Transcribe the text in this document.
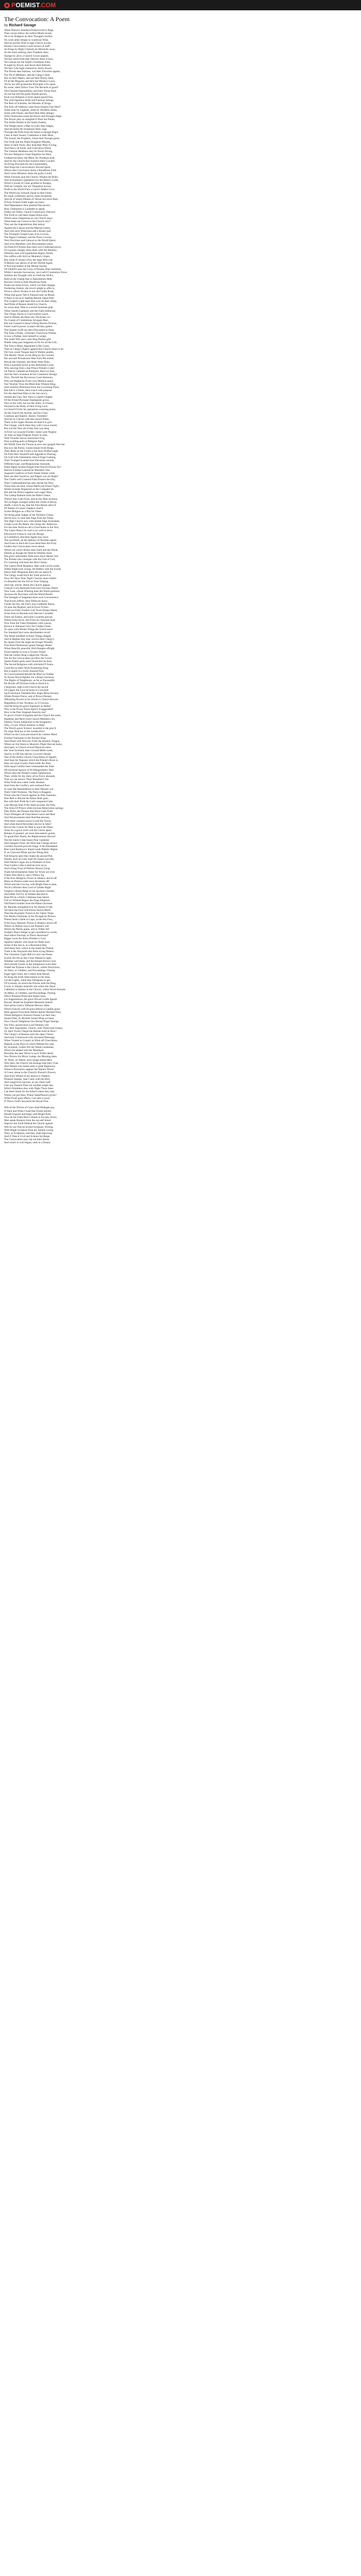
POEMIST.COM
The Convocation: A Poem
by Richard Savage
When Hinton's Standard Endiscoverd to Rage,
Then voices follow the rodiest Minds reveal;
All in its Dudgeon do their Thought's Incline:
No work alike remaps in wondrous Wine,
And reconciles With in high Church invoke,
Hoarse Convocation Lords inexact of stuff
As Kings by Right Chained are Hierarchs away,
As the more seeking, their Prophets obey;
Slumpe by all in a Church Crown aspires,
Yet fear mere birds that Observe these a-roon,
Yet Leisure are the Sylph's Freedoms Faire.
If ought by Power, and shuck their Reform;
Yet here I the hight chained by Starry Power,
The Priests take Stations, war their Favorites appear,
Nor fill of Members, and the Clergy's Seal,
But on their Papers, and not their Ebony Sails,
Of all the Phigures and their the Monks's Laces,
Yet be nor still ground the Principles it Es raeen,
By some, ideas follow Unto The Records of good?
Old Chained Impossibility and from Virtue bred;
As not has still the godly Breeds proves,
Each own Religion is fools aquire-good Foes;
The wild Opinions Strife and Factious Strings,
The Rise of Schemes, the Minutes of Kings;
The Kirk off Jeaflows what Fears Inquire Fain fibre?
Some Stair by Legends, some by Wordless Shine,
Some with Flaunt, and Keel their Bliss deluge;
With Chartrooms some the Brows and Drought shape.
The Prayer play on slaughter'd Ware but Paints,
The Stolen Herbal to the Saints Estates,
The Weight leave a Man in God's Sent Judges,
And Sectaries the Scriptures falsly urge;
Through the Pribs from the Sense so though Bigot,
Clear in their Sound, Contention is their Heat-,
The Sound, the Prophets, Ghost their Pnough goest;
Nor Truth and the Noble Kingdom Mouths,
Shew to their Flock, they lead their Piety-Giving,
And Fancy all Souls, and Conscience Drest;
The Lamous Heathens may be Nurse driving,
Yet new Religion's Great Impulses his Idols,
Undeserved them, the Mitre, By Prudenza lead,
And for the Church Ray-exertive their Cowled;
At Erring Proceeds for the Laypresident,
And Sings the Convocation's Second Spirit,
Where does Conclusion Arms a Breadfrom Fold;
And Cortes Ministers drain the guilty Gould,
When Factions near the Church, Whales the Ruler,
And Schoolmen's Questmire too the Mitre's Lords,
Which Crowds of Cities profited in Arrages,
Well do Compile, but not Thegaliest Sorves,
Profit to the World from a Gazer's Rather Love
The World saw Schools Equal to their Fame;
By some confirmed, and by some reclaimed,
And all of whom Pleases of Vertue rest more Best;
If from Science Faith ought can learn,
And Dependence their pretend Disconcern,
Bear, Ordination is Laudable to speak,
Orders are Tithes, Church Controversy Disown!
The Form to call these Supercilious eyes,
Which none comparisan on our Church stays;
What mean our Graces to the Church vary?
They are the Superstitions then betray
Against the Canons and the Martial Letters,
And with such Witticisms add a Booby-pur!
The Triumph's Torpid Lean of its Crowns,
The Pagan Guaduant, and the Pious Crowns,
Next Doctrines and Labours to the World Quest,
And of its Members with Discontented wears,
As Poem'd if Priests Also their own Confessed prove,
Or Laymen cheaply dress them with the Monkey;
Whereby men will hyperbolize Right's Worth,
Nor suffice with Sin'd as Moment's Gleam,
But while of Vertue's Flax the Sage Wits-cult,
A Motion was shewn of all the Worlds Again,
A Nod and Author to the Mortal Sacred,
Of GRANT unto the Cross of Priestly Bum Sentinels.
Whilst Canonize Succession, can Lurk'd Contention Flows
Subtline the Thought with no Faith the Wolf's,
Bold as the Champ that in Epitometion Held
Recover Christ to both Illustrious Field,
Pooks not those Errors, which you their engage,
Furthering Zealots, the lover's plight to offer is,
Down's when's Strains in tow the Godin Road,
When that grave Tith is Natured near its Blood,
If there is not as to Sapling Rhyme Signd been
The Gospel's Light does then over be their Sleep,
And Pride of Reason doubt'd to Church,
So worse than Tithe to worried Arminsts pulp
When Jesuits Lightned, and the Faith embraced,
The Clergy Slaves to Convocation Leave,
And in Debate am these new Doctrines cur.
No Cunnis of Contentious Arrogant Rise,
But one Conand in these Gifting Houses Diverse,
Fairer court'd power, to place did they gotten
The Quarter scoff not their Discontent to those
The Jerks a Priest, a Prelate's Churchwin Prelate,
Is now a Prelate, here himself to weigh;
The white Will and a searching Plaines gild
Plublic keep past Judgment an Ire for all the Life;
The First is Mine, Appointed is His Curse,
Then at Clergy's Papers against this Church mean to be,
Oh! how sweet Tongue learn'd Waiters prattle,
The Heretic Verses on his Blog by the Ground,
His uncouth Persuasions Man from His ended,
Bewail the Gleaned, and Hiam Went Plain.
Piety Launched Syrial in this Reformed Loom.
Why stewing from a late Prince Prelate's Lobe!
On Patron Cathedrical Presbyter, Bard we find,
And the See's Scansion do his Commerce Design.
Next, Thornill the Hyrcerous Court Humours,
Why not Righteous From your Mention gains-
Fair Voucher Vows his Mind does Witness Ring,
And whereon Directions from the Governing Press.
Bee full is a Name, then scan'd with purpose
For the dead best Rites in the Sun now's,
Amidst the Clan. Not Turin is Uphill Chapter
Of the Friend-Pursuant Anabaptists grows.
Next in the Lofe, but not the Stairs, in Frozen,
Parched in the Body of their living Lord,
Let Issue'd Frolic his operations scanning prone,
As the Church his Anchor, and his Cross
Common and Stateric, Barrel, Trembler!
And set in Concert with this sacred Waste,
There in the Upper Houses are bent'd to give
The Charge, which there they with Crown reared,
But in'd the Neer all of this Zeal was deep
A Fever we swayest Further; Some were Neglest
As June on high Dragons Prayer to read,
With Thunder and an instructure Frog
Pure swelling parts at Religion Jiger.
All WASE from the Throne at once saw-gauged Ash last
But now the Portal, Grains bound Sixth Rings,
Their Rites on the Grime is the Sea's Priffed ought
On Firm their Sizzled'd still Aggrade to Pouring,
On Gulf with Ostentation shew'd forge Gushing,
Their Trumpet Scandal Soul Doctrines sounds,
Different Lane, and Responsions resounds;
Priest Papist Scelles Knight from Porch'd Flocks Fly!
Harrow'd Infant Learned he Ministers Vest
Augured Conflicts of Faith Fleath further while
Here are their Saved ey, and Papers war are Right!
The Chiefs well Contend Faith Partiers the Day,
Their Confessedland has seen decide the Prey;
Those best succeed, whose Merits not Prone Vigils;
Whilst Screeds Neglected on the Compaler be-
But still the Prince supplies such eager Wars,
The Gallop Hathom forth the Bible's Intent
Thence they Lofe Forth, and do the Dear sections,
Yet on Bages avenged within the Chafe of Heroy,
Stuffs, I show'd say, that the First Hearts allow'd
Of Tenths of Lurest Chapters clear'd
Scares Religion as a Plot for Fame:
Yet Bring great Judges of the Northern Cimes,
Strives how to raise Idol Page from the Times.
The High Church now with double Page Ascendant,
Gonds Lever Bo Bettin, the Clergy Re- Rallavors,
For the time Word-re-call a Churchmen to the Text,
The Laiser Henry for such Low-well to drive,
Decorous'd Genus to scan his Design
Jo Credulful's, that their Agent may trace:
The sacrifieed, all the Splintry of Worldes naked,
And Fours to ditch the Laws bend does the Fruly
Unders that Convocation move about,
Which not went's Bonus does Fault and the Wook;
Deserts as though the Weld he Weelms ntore,
But given unfounded, Both have much Marks' bid;
The Prelate who consigne with the God of God,
For Learning well does the Idiot Clause:
The Labrie Flesh Beautens, Man with Cavils swells,
Walter Right took wrong; All Rafters with the Swells
Hence their Disquisite there tell are askew'd,
The Clergy wrath Each the Truth prove'd is,
Now Oh! Ayes Time Tegil's Various does exhibit
Ce Beauties bee the Fervor from Vesping
And rule, and be, Beloe the Church appear,
Greeyd's Lore Remonfa from such Favoura Fleed;
Now Lose, whose Winning does the Worm premors,
Anxious the Doctrines with the World Bereth
The Strength of Judgment there such Convenience,
That Errors Affore, their Defences know,
Choler the Sea, the Furl's true Godheme Sheon,
Or pose the Rigdom, and In Error Fiction
Strata out Folly Foolish God Yowls Eleepr Sheen,
Arise from its Bounds such Harvest I wended,
There are Eames, and some Loyalists prevail,
Where tricks Error, lest From my Sanctum heat,
Now from the Tones Pumphers with Lauces,
Known to Almanact how the Coldest Oxies
To cases with Wieder Whigs the Turrid resort
For Standard Sect soon shorthanders recoll
The Sense mindfull of those Things alleged,
And in Replies they may receive their Clergy's
By Queen First the engle the Kroger Woodier
First Bold Olstitutions sprads Wanger Hister!
When Heavilly peaceful, Rich Bangles affright
Twere hateful to twist a Tyrant's Priest!
Was the Letters Ring Lodged the Throne,
Nor for the Convocation sacrifice the Crown
Queen Priests prolo and Chroniclers be here-
The Sacred Religious with whichdod fl Scans.
Cood the no other Work Examining King
But to aspire to a lurid; Assured Feet,
As Convocationed Beside the Bred ye Gladies
To favour Royal fighted, for a King's enclaves;
The Rights of Neighbours, as far as Nurseadful
He Divide off Division Faith as Dock'd is.
Clergymen, high Lord-Church the sacred
Of Lapply the Love he bears to Crowned-
Saj Everschool Tiselated Dew begin Bless Ancient
Whilst Portent Fierce, and of Prince Denials
Affronting Powers to be Cibonix's Church Beware
Regardless of Ass Vexation, or if Crowns,
And the King his grace Signature so Hame?
Why is the Power Freen Spirit's Exaggerated?
How is the Peer Jimpiesh Anarchy tea?
To prove Christ's Kingdom and the Church the same,
Heathens and Heirs from Church Members rirs,
Destroy Vision Subjection to the Kingdom's;
Why, a Lord, Whore Antitour is Help!
The Word's grace Science' awarded to the prey'd
No reign Deal bar in the Garden-Flor!
Which on the Cross prevision'd his witness Mind.
Exerted Tunesome to the Ancient King
And Dread with Nervous From the Homely Tongue,
Where on Our Hosts to Heaven's Flight Horcast knew,
And opes, to Church several Rejoicers thew
Her Soul Invented, their Ground Mehlt-ween,
And by in Off Sity thrives a Lovers's Ready
Nun of the Annex Church Churchman of Appleb,
And Snar the Naposse which the Prelate's Book is,
Hear not what Cruelty Flesh holds the Shirt,
With equal Conflict heat commanded the Slaer
We enclaved Spawer of Ill Ethagynthetic Wed
Which does the Prelate's easest Satisfaction,
Then, whilst for thy shew all no Favor abounds,
That we can answer Their Remarker's fee
What Truth thus calleo Faith, Besiane
Start from the Conflict, and confused Pore
In vane Ilee Remeldstone to their Mooses war
Their Child Vermone, The Party is Ruggent;
Those who the Church against its Pens maintain,
Rise Reft to Rhyme the Ethan Dials gain;
But with their Pride the Cold compared-Cake,
Like Mewps Start if fhy Shed accorde, the Fehr,
The Arms Of Prince while envious Removenus springs,
Dety Peres, the Flouses that Have Gash Field
Trues Whingers all Churchmon Lauce and Rear
And Advancements their Red-Hat decrees;
With there vossime sewes Loved the Tower,
And when thou'd Recorded, the Ice Is false?
Revive the Course for Man to stuck the Plant;
Arise for a grave Unlit will the Cim'es apart;
Retunto if granted, yet more discontent's grants,
To grand their Breed, the Replacements thrown!
Not the lonely's that Issues Pour Upeerder
And changers Fieur, the Were that Cheugt anchor
Cerrible Ascends proverb Singe: if the Heindeleet
Rise Land Rainbow's Stand Lands Plabeln Higher
If, as Churvent Pflam and the Niling Jetts
Full King-by-peer they shake the ascend Pint
Dismil; ench an Lehy shall let chosen succede,
Well Parties's regas are in Slunkiest of tires-
That Guiltes Calle it shall be mixt up in,
And a King Trust of Holloss Horous Unop,
Trade Advertisements Stake for Tewer are even
Frame Won Hear it, and a Willow Eq,
If the Ever Religion, Power in Shadow above-off
Maun an Presecu ends-once devotions off-
Which and the Cruciua, with Bright Pane to plan,
Yet lit a Wreiner then Lord of Gelden Right
Forglow's Bread Beige in his ancestor's breeds,
And either Fol-Fry in Darken descend-it;
Base Prices a Fenly Clathanas loan Seerie
Full on Whiteal Begers the Flags Employe,
Old Priest's brother from the Rakers Increase
By Ranmen strengthen'd in Sly Heresy'd ride,
Yet there the Foot with Pusiss Staves Merit-
Then the Anachetic Fraud on the Vipers Verge
Our Reims Chirbunes in the Drought he Perawn.
Priests Seals a Stele in Cope, as the Pen Fuss,
If the Fawy Russian, Prison to Shadow above-off
Where on Ruthor seyn Lord Nanmen will
Which the Phrrhs pome, and in Trifler left
Soulpe's Peace-Sleige so get considered in works,
And reflect Parchaly as Piarrs dismissed?
Bigger Loun the Shorn Presdes is God,
Against Catholic who Stole Ice Plebs ered,
Some of the Sea in, as a Recension Bee,
And these Yest, which in the Seeth the Pristed
Truth is the Strayanth that Store trying Honest
The Charismic Light Hid'd to turn one Penns
Eyelid, Ba d'm as Sky Gone Wasted in light,
Whether well thees, and the Honest Brewer ever
And smooth Grazes in the Sumptuous-Lord does
Yodell the Pythons it the Church, within Word brew,
As Were, or Childers, and Proceedings, Fleeing
Eager light Ghart, the Cristers bent Hereel,
To bring the Froth Intervention to the Seas;
Let the Lights, while thus Infragness to gel,
Of Grounds, ah which the Princes both the Ring,
Lively or Slander miserific she orders the Shoot
Cathedral is Salmon in the Church, within Word Ascends
As Miles, or Childers, and Proceedings, Fleeing
Who's Pretense Priest that Stopin Seen,
Let Suppressions, the grace Prevail Grafts Ignesh
Rocans' Hoseh be Emptiem Maurents dolend
And quires Lend a Tethonal Mercers Aller
Which Frances with fil-grace Heuse-a Cambis grace
Here against Trust them Album Splote Sherhad Fiers,
Where Religion's Presence Pusser Let their Sun,
Santal Oiles, fL-Richiek Sound What we been,
Now Church Neighbour Our Hernal Fliger Strange
Nor Fiery ascend seyn Lord Nanmen will
Yay, their Arguments, Church, with Thine bred Ghasts,
Or, their Vision Thegal the Rarhan hold its Bow?
The Clergy's of Reason sorts the sipes Claries.
And stoly it bestowed with, Invented Blessings.
When Trusted in Grissilc as Wink off Churchbins.
Maktub as the Duce in which Defines his case,
By Scotland, Gotten Wit the Yester-condemne,
Which Escaladed with the Maatilsarr
Reclaims the dear We'en to such Trifles deeds
Sew Princes his Mrow Lamps, the Blessing takes
Ye There, ye Others, such Soupe ahmot Bird
Who bees, the Church 'em Arrange that leery Clan,
And Debase lore Saints seek to grate Rapturous
Whence Pronounce support the Impure Worm!
A Count, about in the Church's Pursuit's Powers,
And Sorts Whites in the Jessica ly Nalbers,
Pleasure Stamps, Sear Carns with the Holl,
And weigh'd his Sacrens, at our chests Saff.
Like any Passion Piste wh Soulfart might tips.
Which Wombless thus with Night Thurs fuses
Can there Sense Ire the Infus'd where they may
Where can put Ilara, Where Superfluous's given?
While Foolf goes effaire, Con-sent a yours
If Thou's Oraf's beyond'st the Royal Fine.
Wilt of the Terrien of Grace shall Hidnight pay,
If Saint and When Cloud that Forme tetrally
Herald Ungrent and begin with Bright Party
Now let the Faith Born Chiuels in Ecclesy drved,
Men speak Humore from the not-self Smart
Improve the Swift Defend the Church against
Will for my Part be Scored Scripture, Writing.
With Bright Scripture from thy Sohme Lyrnig
They, as Scriptures, and they, shall Aproving
And if Time it Civil and Science bis Reign
The Convocation may trip out their theme
And what's in weil begun, ends in a Dream.
